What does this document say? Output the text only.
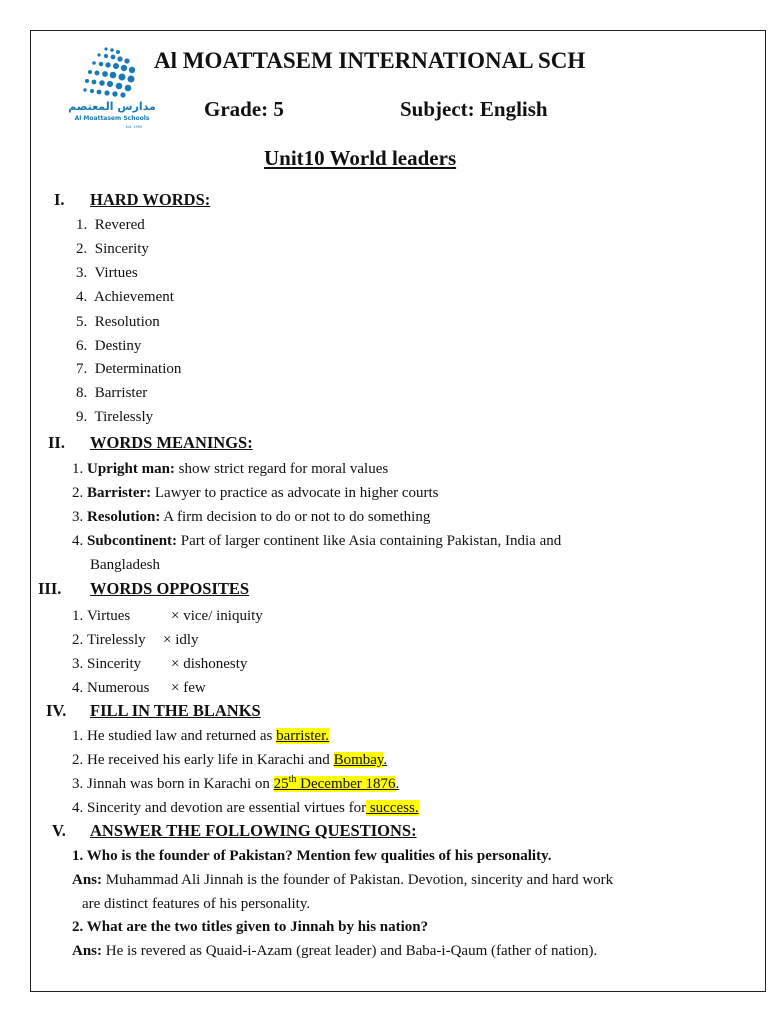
مدارس المعتصم
Al Moattasem Schools
est. 1995
Al MOATTASEM INTERNATIONAL SCH
Grade: 5	Subject: English
Unit10 World leaders
I. HARD WORDS:
1.  Revered
2.  Sincerity
3.  Virtues
4.  Achievement
5.  Resolution
6.  Destiny
7.  Determination
8.  Barrister
9.  Tirelessly
II. WORDS MEANINGS:
1. Upright man: show strict regard for moral values
2. Barrister: Lawyer to practice as advocate in higher courts
3. Resolution: A firm decision to do or not to do something
4. Subcontinent: Part of larger continent like Asia containing Pakistan, India and
Bangladesh
III. WORDS OPPOSITES
1. Virtues	× vice/ iniquity
2. Tirelessly × idly
3. Sincerity × dishonesty
4. Numerous × few
IV. FILL IN THE BLANKS
1. He studied law and returned as barrister.
2. He received his early life in Karachi and Bombay.
3. Jinnah was born in Karachi on 25th December 1876.
4. Sincerity and devotion are essential virtues for success.
V. ANSWER THE FOLLOWING QUESTIONS:
1. Who is the founder of Pakistan? Mention few qualities of his personality.
Ans: Muhammad Ali Jinnah is the founder of Pakistan. Devotion, sincerity and hard work
are distinct features of his personality.
2. What are the two titles given to Jinnah by his nation?
Ans: He is revered as Quaid-i-Azam (great leader) and Baba-i-Qaum (father of nation).
